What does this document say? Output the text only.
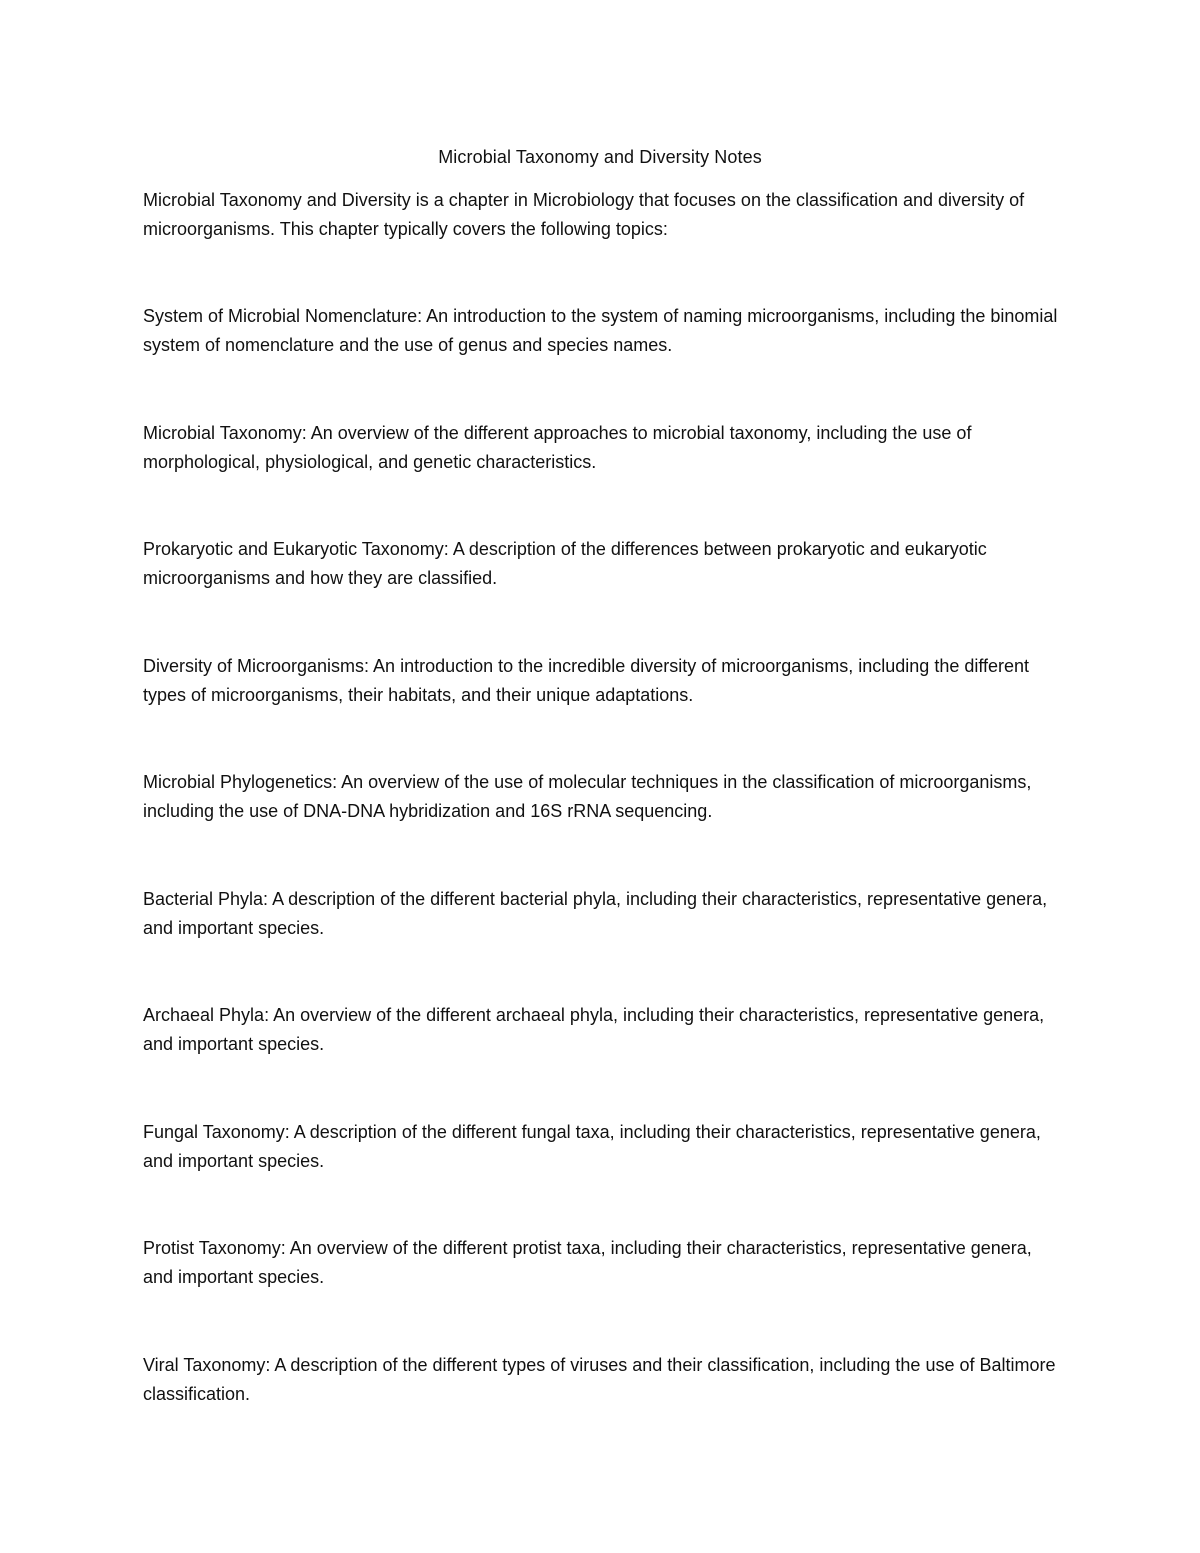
Microbial Taxonomy and Diversity Notes
Microbial Taxonomy and Diversity is a chapter in Microbiology that focuses on the classification and diversity of microorganisms. This chapter typically covers the following topics:
System of Microbial Nomenclature: An introduction to the system of naming microorganisms, including the binomial system of nomenclature and the use of genus and species names.
Microbial Taxonomy: An overview of the different approaches to microbial taxonomy, including the use of morphological, physiological, and genetic characteristics.
Prokaryotic and Eukaryotic Taxonomy: A description of the differences between prokaryotic and eukaryotic microorganisms and how they are classified.
Diversity of Microorganisms: An introduction to the incredible diversity of microorganisms, including the different types of microorganisms, their habitats, and their unique adaptations.
Microbial Phylogenetics: An overview of the use of molecular techniques in the classification of microorganisms, including the use of DNA-DNA hybridization and 16S rRNA sequencing.
Bacterial Phyla: A description of the different bacterial phyla, including their characteristics, representative genera, and important species.
Archaeal Phyla: An overview of the different archaeal phyla, including their characteristics, representative genera, and important species.
Fungal Taxonomy: A description of the different fungal taxa, including their characteristics, representative genera, and important species.
Protist Taxonomy: An overview of the different protist taxa, including their characteristics, representative genera, and important species.
Viral Taxonomy: A description of the different types of viruses and their classification, including the use of Baltimore classification.
